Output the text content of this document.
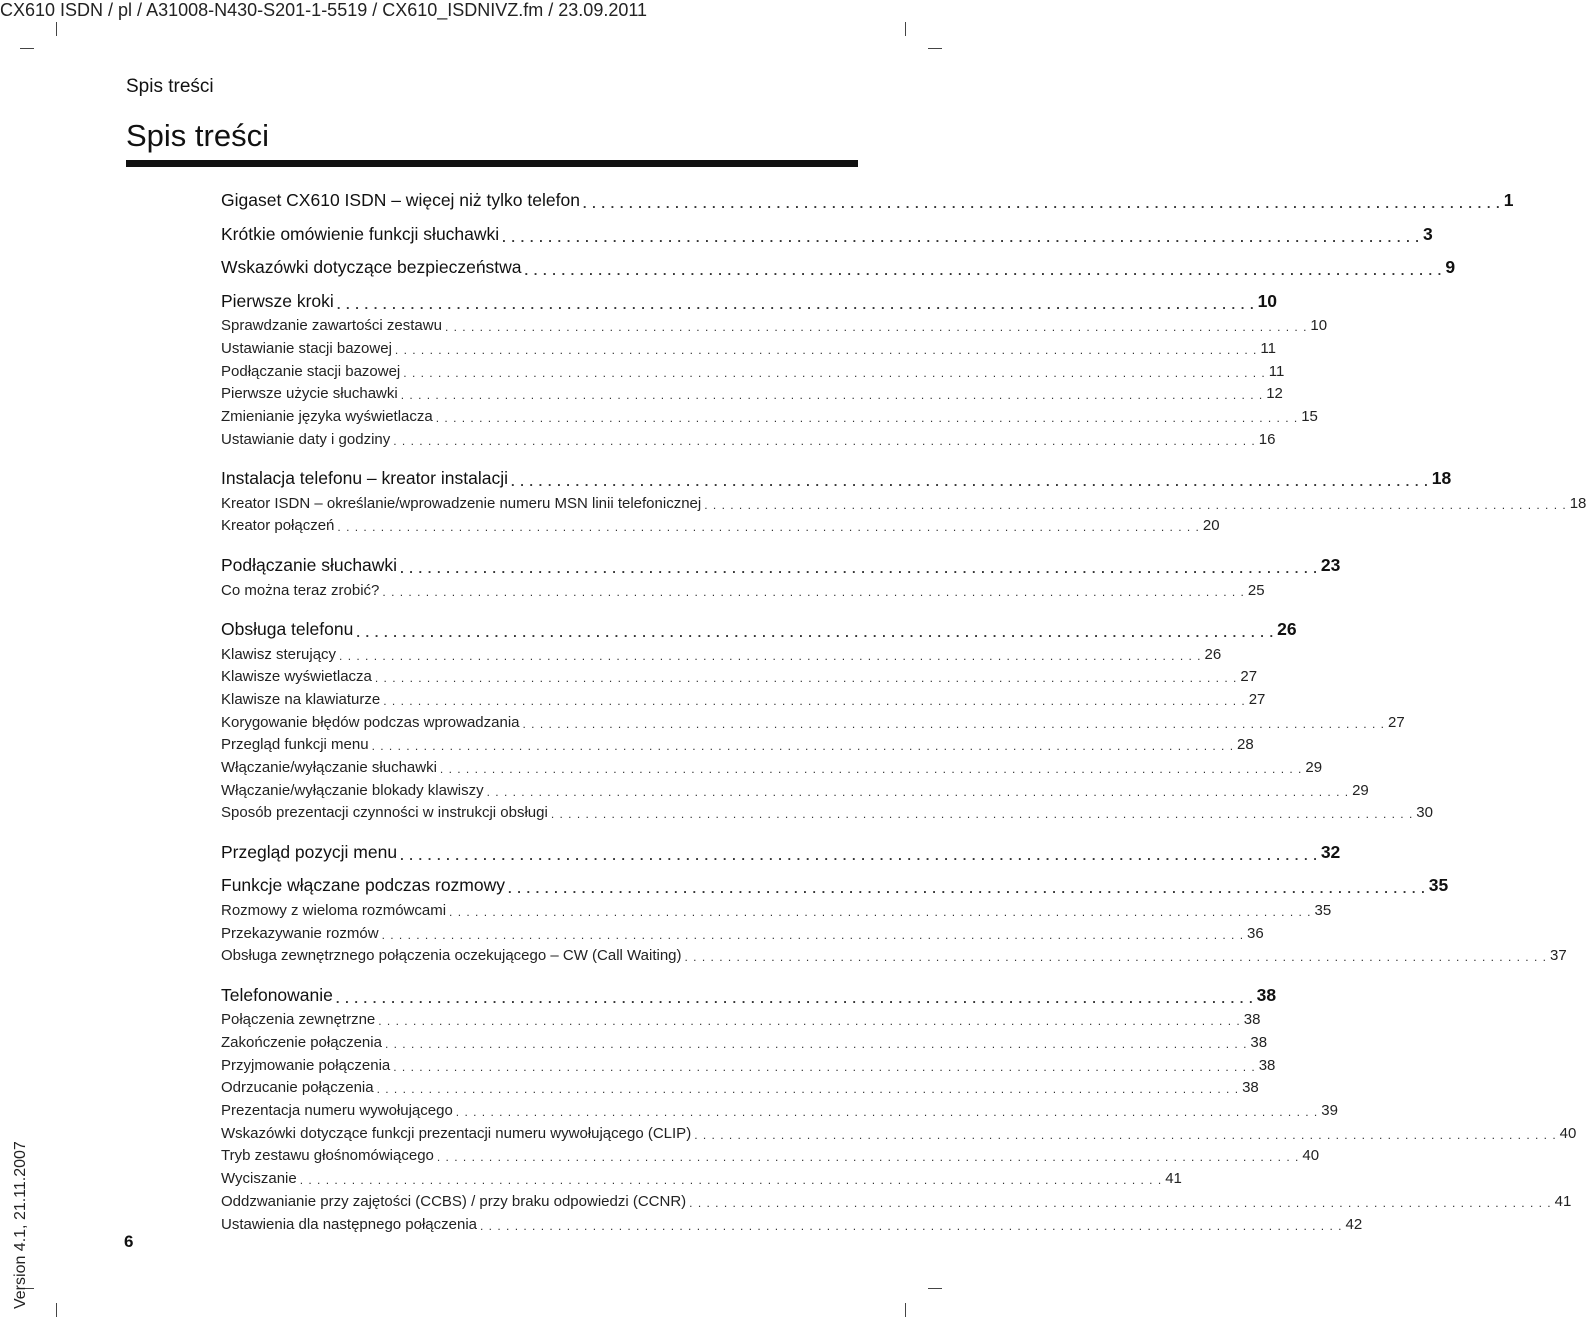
CX610 ISDN / pl / A31008-N430-S201-1-5519 / CX610_ISDNIVZ.fm / 23.09.2011
Spis treści
Spis treści
Gigaset CX610 ISDN – więcej niż tylko telefon . . . . . . . . . . . . . . . . . . . . . . . . . . . . . . . . . . . . . . . . . . . . . . . . . . . . . . . . . . . . . . . . . . . . . . . . . . . . . . . . . . . . . . . . . . . . . . . . . . . . 1
Krótkie omówienie funkcji słuchawki . . . . . . . . . . . . . . . . . . . . . . . . . . . . . . . . . . . . . . . . . . . . . . . . . . . . . . . . . . . . . . . . . . . . . . . . . . . . . . . . . . . . . . . . . . . . . . . . . . . . 3
Wskazówki dotyczące bezpieczeństwa . . . . . . . . . . . . . . . . . . . . . . . . . . . . . . . . . . . . . . . . . . . . . . . . . . . . . . . . . . . . . . . . . . . . . . . . . . . . . . . . . . . . . . . . . . . . . . . . . . . . 9
Pierwsze kroki . . . . . . . . . . . . . . . . . . . . . . . . . . . . . . . . . . . . . . . . . . . . . . . . . . . . . . . . . . . . . . . . . . . . . . . . . . . . . . . . . . . . . . . . . . . . . . . . . . . . 10
Sprawdzanie zawartości zestawu . . . . . . . . . . . . . . . . . . . . . . . . . . . . . . . . . . . . . . . . . . . . . . . . . . . . . . . . . . . . . . . . . . . . . . . . . . . . . . . . . . . . . . . . . . . . . . . . . . . . 10
Ustawianie stacji bazowej . . . . . . . . . . . . . . . . . . . . . . . . . . . . . . . . . . . . . . . . . . . . . . . . . . . . . . . . . . . . . . . . . . . . . . . . . . . . . . . . . . . . . . . . . . . . . . . . . . . . 11
Podłączanie stacji bazowej . . . . . . . . . . . . . . . . . . . . . . . . . . . . . . . . . . . . . . . . . . . . . . . . . . . . . . . . . . . . . . . . . . . . . . . . . . . . . . . . . . . . . . . . . . . . . . . . . . . . 11
Pierwsze użycie słuchawki . . . . . . . . . . . . . . . . . . . . . . . . . . . . . . . . . . . . . . . . . . . . . . . . . . . . . . . . . . . . . . . . . . . . . . . . . . . . . . . . . . . . . . . . . . . . . . . . . . . . 12
Zmienianie języka wyświetlacza . . . . . . . . . . . . . . . . . . . . . . . . . . . . . . . . . . . . . . . . . . . . . . . . . . . . . . . . . . . . . . . . . . . . . . . . . . . . . . . . . . . . . . . . . . . . . . . . . . . . 15
Ustawianie daty i godziny . . . . . . . . . . . . . . . . . . . . . . . . . . . . . . . . . . . . . . . . . . . . . . . . . . . . . . . . . . . . . . . . . . . . . . . . . . . . . . . . . . . . . . . . . . . . . . . . . . . . 16
Instalacja telefonu – kreator instalacji . . . . . . . . . . . . . . . . . . . . . . . . . . . . . . . . . . . . . . . . . . . . . . . . . . . . . . . . . . . . . . . . . . . . . . . . . . . . . . . . . . . . . . . . . . . . . . . . . . . . 18
Kreator ISDN – określanie/wprowadzenie numeru MSN linii telefonicznej . . . . . . . . . . . . . . . . . . . . . . . . . . . . . . . . . . . . . . . . . . . . . . . . . . . . . . . . . . . . . . . . . . . . . . . . . . . . . . . . . . . . . . . . . . . . . . . . . . . . 18
Kreator połączeń . . . . . . . . . . . . . . . . . . . . . . . . . . . . . . . . . . . . . . . . . . . . . . . . . . . . . . . . . . . . . . . . . . . . . . . . . . . . . . . . . . . . . . . . . . . . . . . . . . . . 20
Podłączanie słuchawki . . . . . . . . . . . . . . . . . . . . . . . . . . . . . . . . . . . . . . . . . . . . . . . . . . . . . . . . . . . . . . . . . . . . . . . . . . . . . . . . . . . . . . . . . . . . . . . . . . . . 23
Co można teraz zrobić? . . . . . . . . . . . . . . . . . . . . . . . . . . . . . . . . . . . . . . . . . . . . . . . . . . . . . . . . . . . . . . . . . . . . . . . . . . . . . . . . . . . . . . . . . . . . . . . . . . . . 25
Obsługa telefonu . . . . . . . . . . . . . . . . . . . . . . . . . . . . . . . . . . . . . . . . . . . . . . . . . . . . . . . . . . . . . . . . . . . . . . . . . . . . . . . . . . . . . . . . . . . . . . . . . . . . 26
Klawisz sterujący . . . . . . . . . . . . . . . . . . . . . . . . . . . . . . . . . . . . . . . . . . . . . . . . . . . . . . . . . . . . . . . . . . . . . . . . . . . . . . . . . . . . . . . . . . . . . . . . . . . . 26
Klawisze wyświetlacza . . . . . . . . . . . . . . . . . . . . . . . . . . . . . . . . . . . . . . . . . . . . . . . . . . . . . . . . . . . . . . . . . . . . . . . . . . . . . . . . . . . . . . . . . . . . . . . . . . . . 27
Klawisze na klawiaturze . . . . . . . . . . . . . . . . . . . . . . . . . . . . . . . . . . . . . . . . . . . . . . . . . . . . . . . . . . . . . . . . . . . . . . . . . . . . . . . . . . . . . . . . . . . . . . . . . . . . 27
Korygowanie błędów podczas wprowadzania . . . . . . . . . . . . . . . . . . . . . . . . . . . . . . . . . . . . . . . . . . . . . . . . . . . . . . . . . . . . . . . . . . . . . . . . . . . . . . . . . . . . . . . . . . . . . . . . . . . . 27
Przegląd funkcji menu . . . . . . . . . . . . . . . . . . . . . . . . . . . . . . . . . . . . . . . . . . . . . . . . . . . . . . . . . . . . . . . . . . . . . . . . . . . . . . . . . . . . . . . . . . . . . . . . . . . . 28
Włączanie/wyłączanie słuchawki . . . . . . . . . . . . . . . . . . . . . . . . . . . . . . . . . . . . . . . . . . . . . . . . . . . . . . . . . . . . . . . . . . . . . . . . . . . . . . . . . . . . . . . . . . . . . . . . . . . . 29
Włączanie/wyłączanie blokady klawiszy . . . . . . . . . . . . . . . . . . . . . . . . . . . . . . . . . . . . . . . . . . . . . . . . . . . . . . . . . . . . . . . . . . . . . . . . . . . . . . . . . . . . . . . . . . . . . . . . . . . . 29
Sposób prezentacji czynności w instrukcji obsługi . . . . . . . . . . . . . . . . . . . . . . . . . . . . . . . . . . . . . . . . . . . . . . . . . . . . . . . . . . . . . . . . . . . . . . . . . . . . . . . . . . . . . . . . . . . . . . . . . . . . 30
Przegląd pozycji menu . . . . . . . . . . . . . . . . . . . . . . . . . . . . . . . . . . . . . . . . . . . . . . . . . . . . . . . . . . . . . . . . . . . . . . . . . . . . . . . . . . . . . . . . . . . . . . . . . . . . 32
Funkcje włączane podczas rozmowy . . . . . . . . . . . . . . . . . . . . . . . . . . . . . . . . . . . . . . . . . . . . . . . . . . . . . . . . . . . . . . . . . . . . . . . . . . . . . . . . . . . . . . . . . . . . . . . . . . . . 35
Rozmowy z wieloma rozmówcami . . . . . . . . . . . . . . . . . . . . . . . . . . . . . . . . . . . . . . . . . . . . . . . . . . . . . . . . . . . . . . . . . . . . . . . . . . . . . . . . . . . . . . . . . . . . . . . . . . . . 35
Przekazywanie rozmów . . . . . . . . . . . . . . . . . . . . . . . . . . . . . . . . . . . . . . . . . . . . . . . . . . . . . . . . . . . . . . . . . . . . . . . . . . . . . . . . . . . . . . . . . . . . . . . . . . . . 36
Obsługa zewnętrznego połączenia oczekującego – CW (Call Waiting) . . . . . . . . . . . . . . . . . . . . . . . . . . . . . . . . . . . . . . . . . . . . . . . . . . . . . . . . . . . . . . . . . . . . . . . . . . . . . . . . . . . . . . . . . . . . . . . . . . . . 37
Telefonowanie . . . . . . . . . . . . . . . . . . . . . . . . . . . . . . . . . . . . . . . . . . . . . . . . . . . . . . . . . . . . . . . . . . . . . . . . . . . . . . . . . . . . . . . . . . . . . . . . . . . . 38
Połączenia zewnętrzne . . . . . . . . . . . . . . . . . . . . . . . . . . . . . . . . . . . . . . . . . . . . . . . . . . . . . . . . . . . . . . . . . . . . . . . . . . . . . . . . . . . . . . . . . . . . . . . . . . . . 38
Zakończenie połączenia . . . . . . . . . . . . . . . . . . . . . . . . . . . . . . . . . . . . . . . . . . . . . . . . . . . . . . . . . . . . . . . . . . . . . . . . . . . . . . . . . . . . . . . . . . . . . . . . . . . . 38
Przyjmowanie połączenia . . . . . . . . . . . . . . . . . . . . . . . . . . . . . . . . . . . . . . . . . . . . . . . . . . . . . . . . . . . . . . . . . . . . . . . . . . . . . . . . . . . . . . . . . . . . . . . . . . . . 38
Odrzucanie połączenia . . . . . . . . . . . . . . . . . . . . . . . . . . . . . . . . . . . . . . . . . . . . . . . . . . . . . . . . . . . . . . . . . . . . . . . . . . . . . . . . . . . . . . . . . . . . . . . . . . . . 38
Prezentacja numeru wywołującego . . . . . . . . . . . . . . . . . . . . . . . . . . . . . . . . . . . . . . . . . . . . . . . . . . . . . . . . . . . . . . . . . . . . . . . . . . . . . . . . . . . . . . . . . . . . . . . . . . . . 39
Wskazówki dotyczące funkcji prezentacji numeru wywołującego (CLIP) . . . . . . . . . . . . . . . . . . . . . . . . . . . . . . . . . . . . . . . . . . . . . . . . . . . . . . . . . . . . . . . . . . . . . . . . . . . . . . . . . . . . . . . . . . . . . . . . . . . . 40
Tryb zestawu głośnomówiącego . . . . . . . . . . . . . . . . . . . . . . . . . . . . . . . . . . . . . . . . . . . . . . . . . . . . . . . . . . . . . . . . . . . . . . . . . . . . . . . . . . . . . . . . . . . . . . . . . . . . 40
Wyciszanie . . . . . . . . . . . . . . . . . . . . . . . . . . . . . . . . . . . . . . . . . . . . . . . . . . . . . . . . . . . . . . . . . . . . . . . . . . . . . . . . . . . . . . . . . . . . . . . . . . . . 41
Oddzwanianie przy zajętości (CCBS) / przy braku odpowiedzi (CCNR) . . . . . . . . . . . . . . . . . . . . . . . . . . . . . . . . . . . . . . . . . . . . . . . . . . . . . . . . . . . . . . . . . . . . . . . . . . . . . . . . . . . . . . . . . . . . . . . . . . . . 41
Ustawienia dla następnego połączenia . . . . . . . . . . . . . . . . . . . . . . . . . . . . . . . . . . . . . . . . . . . . . . . . . . . . . . . . . . . . . . . . . . . . . . . . . . . . . . . . . . . . . . . . . . . . . . . . . . . . 42
6
Version 4.1, 21.11.2007
